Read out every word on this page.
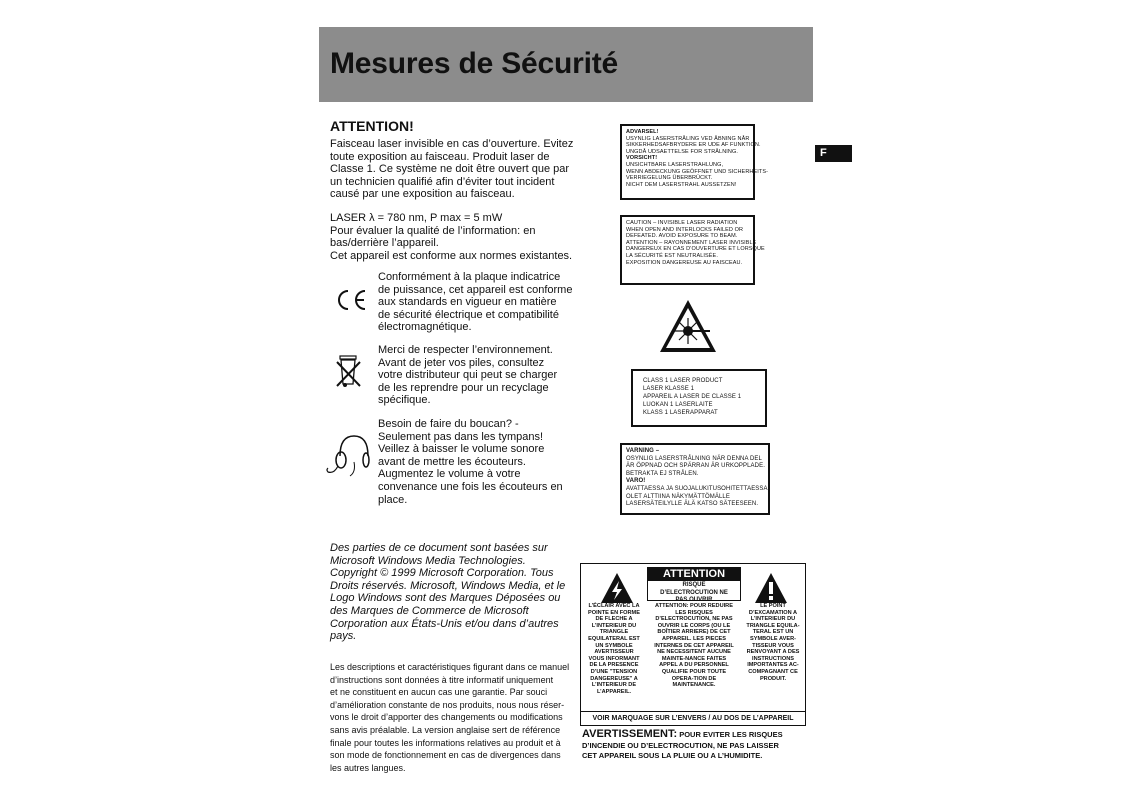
Mesures de Sécurité
F
ATTENTION!
Faisceau laser invisible en cas d’ouverture. Evitez
toute exposition au faisceau. Produit laser de
Classe 1. Ce système ne doit être ouvert que par
un technicien qualifié afin d’éviter tout incident
causé par une exposition au faisceau.
LASER λ = 780 nm, P max = 5 mW
Pour évaluer la qualité de l’information: en
bas/derrière l’appareil.
Cet appareil est conforme aux normes existantes.
Conformément à la plaque indicatrice
de puissance, cet appareil est conforme
aux standards en vigueur en matière
de sécurité électrique et compatibilité
électromagnétique.
Merci de respecter l’environnement.
Avant de jeter vos piles, consultez
votre distributeur qui peut se charger
de les reprendre pour un recyclage
spécifique.
Besoin de faire du boucan? -
Seulement pas dans les tympans!
Veillez à baisser le volume sonore
avant de mettre les écouteurs.
Augmentez le volume à votre
convenance une fois les écouteurs en
place.
Des parties de ce document sont basées sur
Microsoft Windows Media Technologies.
Copyright © 1999 Microsoft Corporation. Tous
Droits réservés. Microsoft, Windows Media, et le
Logo Windows sont des Marques Déposées ou
des Marques de Commerce de Microsoft
Corporation aux États-Unis et/ou dans d’autres
pays.
Les descriptions et caractéristiques figurant dans ce manuel
d’instructions sont données à titre informatif uniquement
et ne constituent en aucun cas une garantie. Par souci
d’amélioration constante de nos produits, nous nous réser-
vons le droit d’apporter des changements ou modifications
sans avis préalable. La version anglaise sert de référence
finale pour toutes les informations relatives au produit et à
son mode de fonctionnement en cas de divergences dans
les autres langues.
ADVARSEL!
USYNLIG LASERSTRÅLING VED ÅBNING NÅR
SIKKERHEDSAFBRYDERE ER UDE AF FUNKTION.
UNGDÅ UDSAETTELSE FOR STRÅLNING.
VORSICHT!
UNSICHTBARE LASERSTRAHLUNG,
WENN ABDECKUNG GEÖFFNET UND SICHERHEITS-
VERRIEGELUNG ÜBERBRÜCKT.
NICHT DEM LASERSTRAHL AUSSETZEN!
CAUTION – INVISIBLE LASER RADIATION
WHEN OPEN AND INTERLOCKS FAILED OR
DEFEATED. AVOID EXPOSURE TO BEAM.
ATTENTION – RAYONNEMENT LASER INVISIBLE
DANGEREUX EN CAS D’OUVERTURE ET LORSQUE
LA SÉCURITÉ EST NEUTRALISÉE.
EXPOSITION DANGEREUSE AU FAISCEAU.
CLASS 1 LASER PRODUCT
LASER KLASSE 1
APPAREIL A LASER DE CLASSE 1
LUOKAN 1 LASERLAITE
KLASS 1 LASERAPPARAT
VARNING –
OSYNLIG LASERSTRÅLNING NÄR DENNA DEL
ÄR ÖPPNAD OCH SPÄRRAN ÄR URKOPPLADE.
BETRAKTA EJ STRÅLEN.
VARO!
AVATTAESSA JA SUOJALUKITUSOHITETTAESSA
OLET ALTTIINA NÄKYMÄTTÖMÄLLE
LASERSÄTEILYLLE ÄLÄ KATSO SÄTEESEEN.
ATTENTION
RISQUE D’ELECTROCUTION NE PAS OUVRIR
L’ÉCLAIR AVEC LA
POINTE EN FORME
DE FLECHE A
L’INTERIEUR DU
TRIANGLE
EQUILATERAL EST
UN SYMBOLE
AVERTISSEUR
VOUS INFORMANT
DE LA PRESENCE
D’UNE "TENSION
DANGEREUSE" A
L’INTERIEUR DE
L’APPAREIL.
ATTENTION: POUR REDUIRE
LES RISQUES
D’ELECTROCUTION, NE PAS
OUVRIR LE CORPS (OU LE
BOÎTIER ARRIERE) DE CET
APPAREIL. LES PIECES
INTERNES DE CET APPAREIL
NE NECESSITENT AUCUNE
MAINTE-NANCE FAITES
APPEL A DU PERSONNEL
QUALIFIE POUR TOUTE
OPERA-TION DE
MAINTENANCE.
LE POINT
D’EXCAMATION A
L’INTERIEUR DU
TRIANGLE EQUILA-
TERAL EST UN
SYMBOLE AVER-
TISSEUR VOUS
RENVOYANT A DES
INSTRUCTIONS
IMPORTANTES AC-
COMPAGNANT CE
PRODUIT.
VOIR MARQUAGE SUR L’ENVERS / AU DOS DE L’APPAREIL
AVERTISSEMENT: POUR EVITER LES RISQUES
D’INCENDIE OU D’ELECTROCUTION, NE PAS LAISSER
CET APPAREIL SOUS LA PLUIE OU A L’HUMIDITE.
